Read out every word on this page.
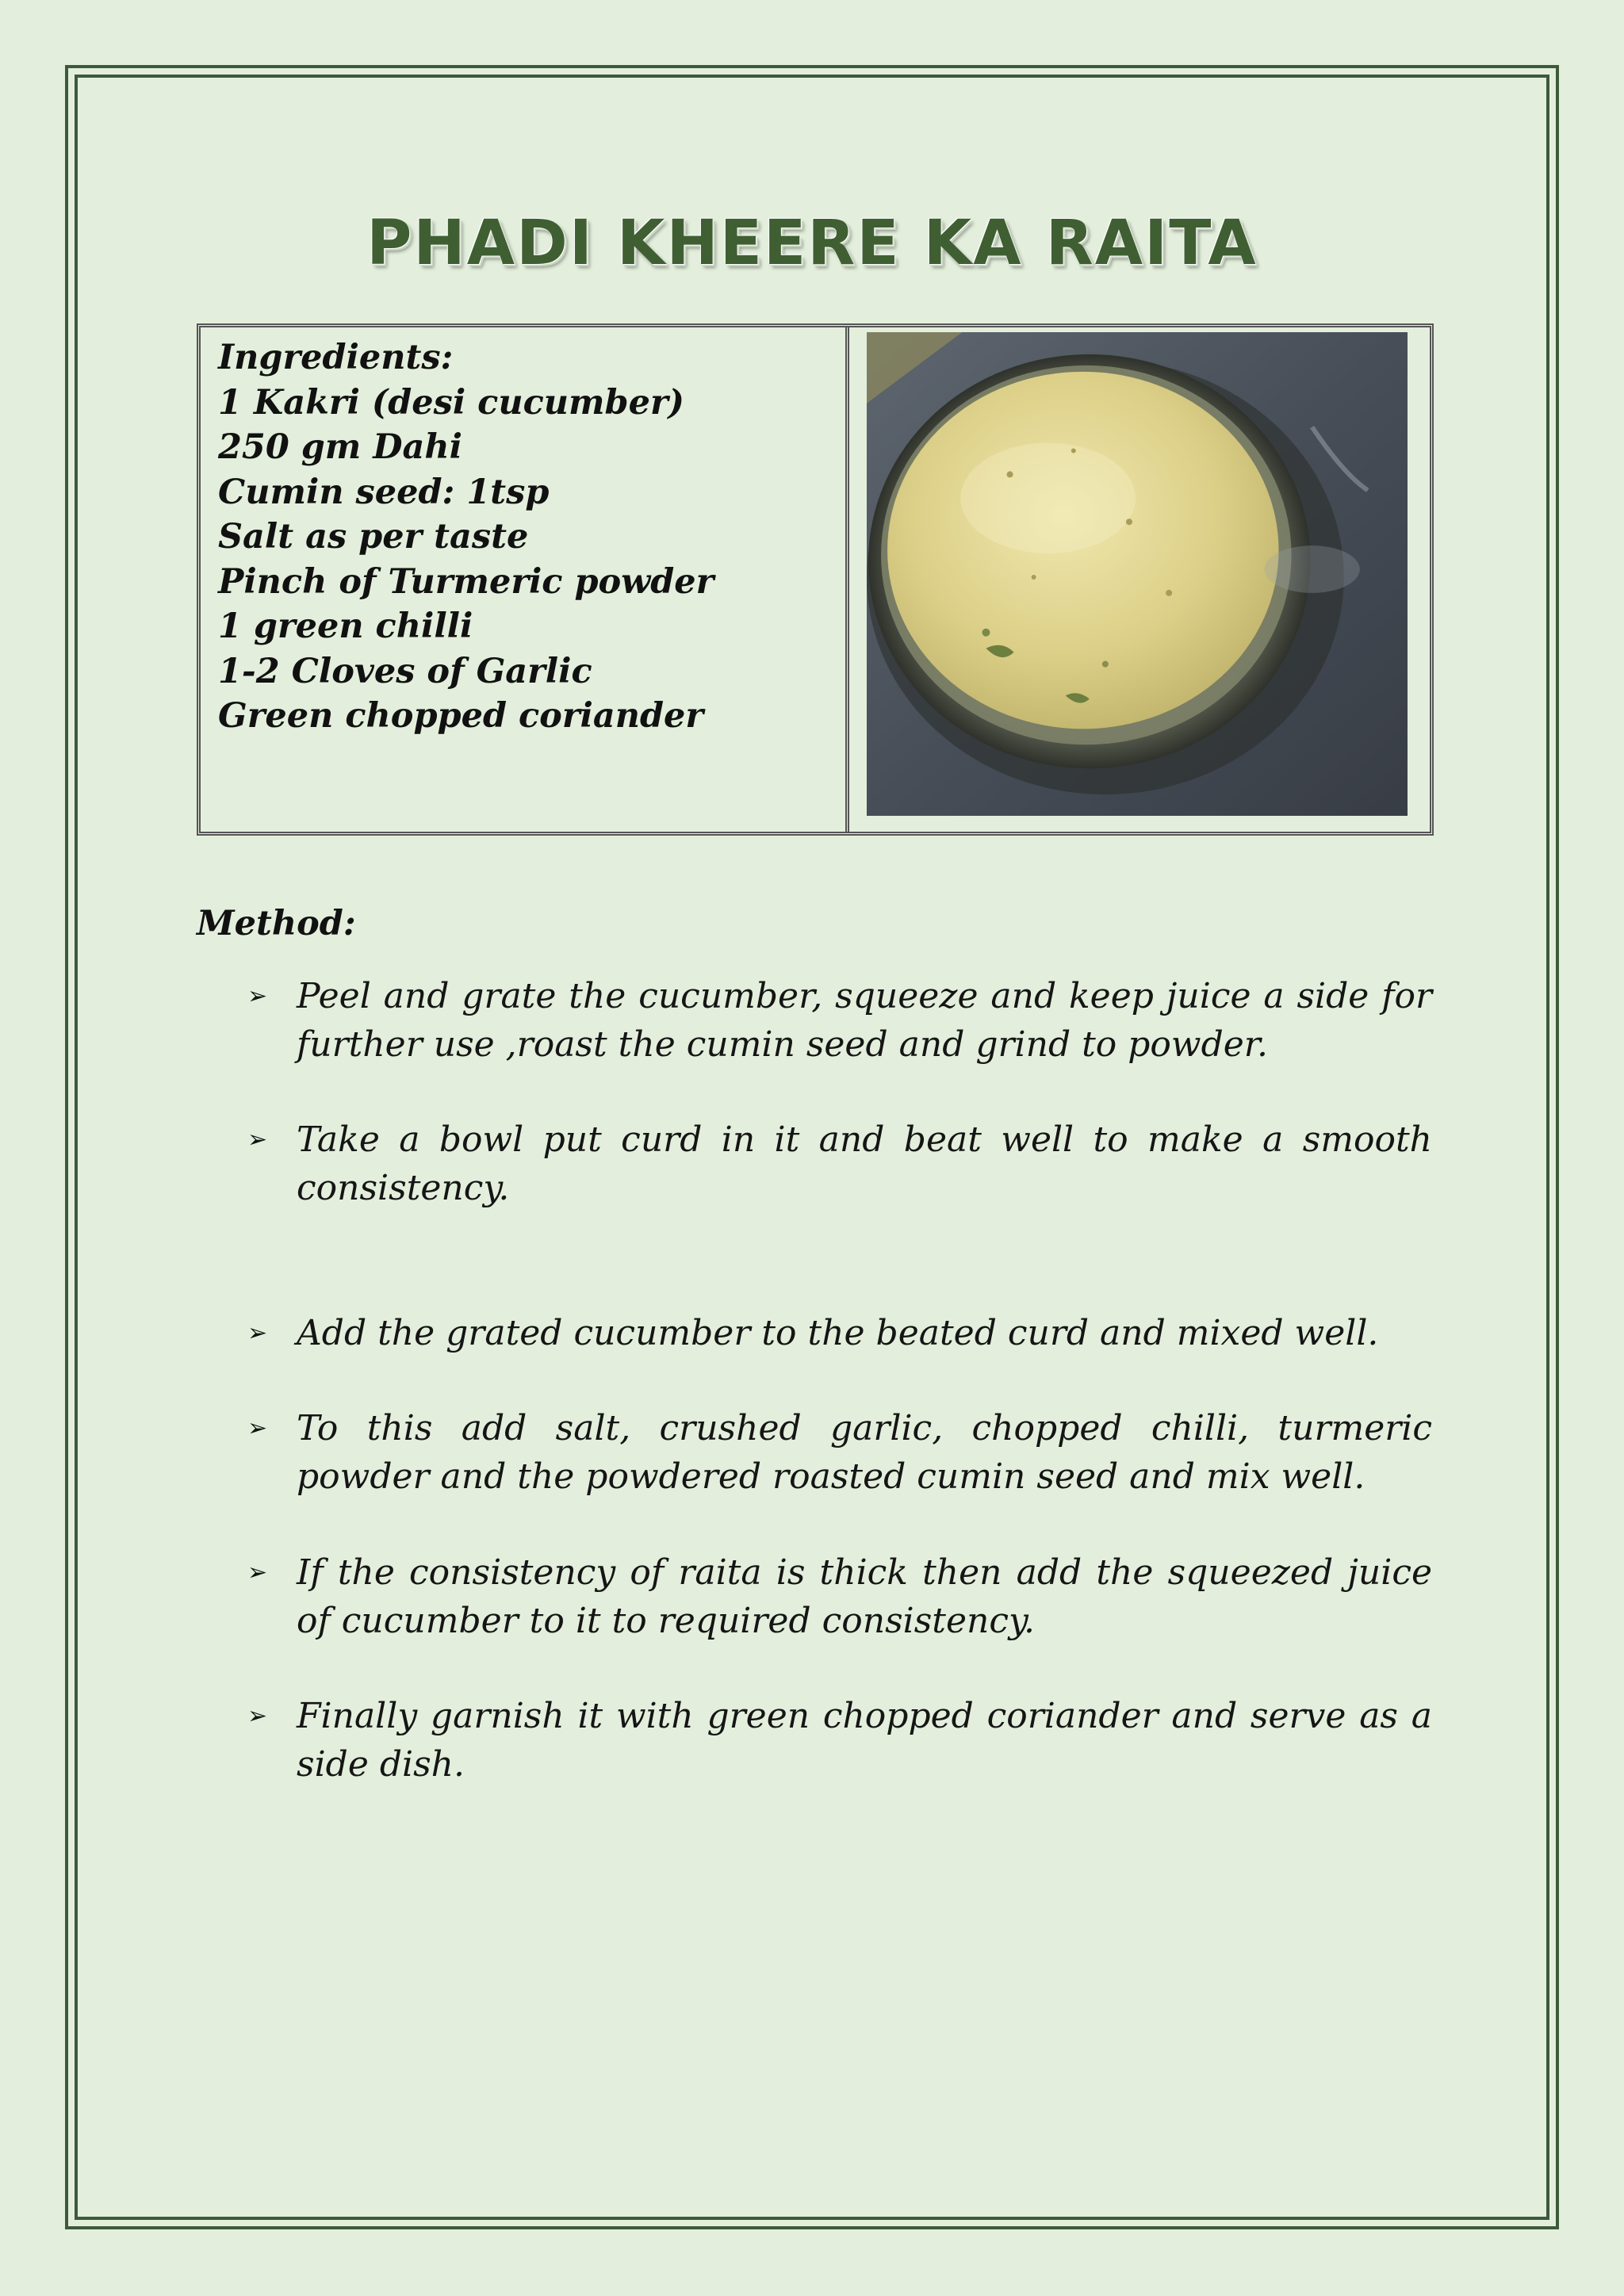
PHADI KHEERE KA RAITA
Ingredients:
1 Kakri (desi cucumber)
250 gm Dahi
Cumin seed: 1tsp
Salt as per taste
Pinch of Turmeric powder
1 green chilli
1-2 Cloves of Garlic
Green chopped coriander
Method:
➢ Peel and grate the cucumber, squeeze and keep juice a side for further use ,roast the cumin seed and grind to powder.
➢ Take a bowl put curd in it and beat well to make a smooth consistency.
➢ Add the grated cucumber to the beated curd and mixed well.
➢ To this add salt, crushed garlic, chopped chilli, turmeric powder and the powdered roasted cumin seed and mix well.
➢ If the consistency of raita is thick then add the squeezed juice of cucumber to it to required consistency.
➢ Finally garnish it with green chopped coriander and serve as a side dish.
